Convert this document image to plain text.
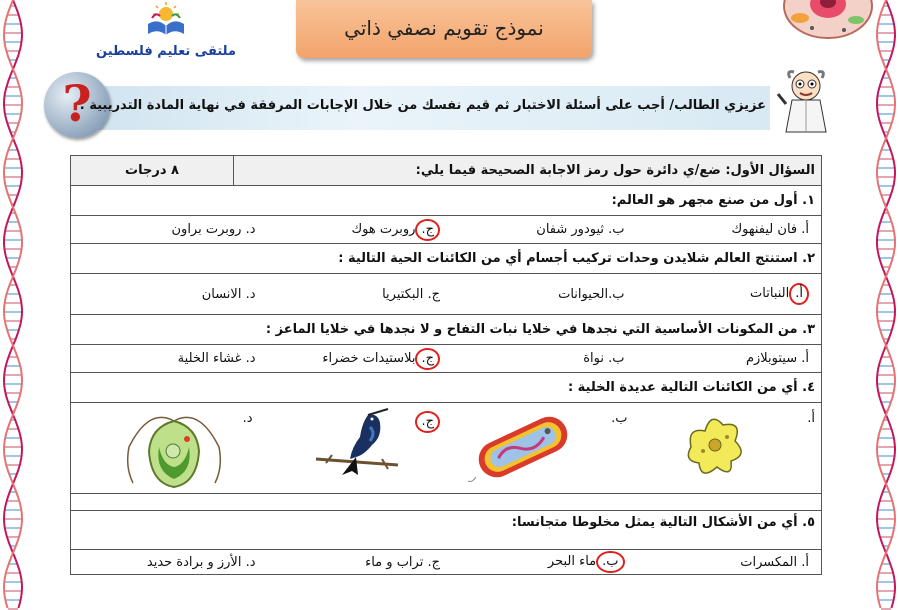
ملتقى تعليم فلسطين
نموذج تقويم نصفي ذاتي
?
عزيزي الطالب/ أجب على أسئلة الاختبار ثم قيم نفسك من خلال الإجابات المرفقة في نهاية المادة التدريبية .
السؤال الأول: ضع/ي دائرة حول رمز الاجابة الصحيحة فيما يلي:	٨ درجات
١. أول من صنع مجهر هو العالم:

أ. فان ليفنهوك	ب. ثيودور شفان	ج.روبرت هوك	د. روبرت براون

٢. استنتج العالم شلايدن وحدات تركيب أجسام أي من الكائنات الحية التالية :

أ.النباتات	ب.الحيوانات	ج. البكتيريا	د. الانسان

٣. من المكونات الأساسية التي نجدها في خلايا نبات التفاح و لا نجدها في خلايا الماعز :

أ. سيتوبلازم	ب. نواة	ج.بلاستيدات خضراء	د. غشاء الخلية

٤. أي من الكائنات التالية عديدة الخلية :

أ.

ب.

ج.

د.

٥. أي من الأشكال التالية يمثل مخلوطا متجانسا:

أ. المكسرات	ب.ماء البحر	ج. تراب و ماء	د. الأرز و برادة حديد
